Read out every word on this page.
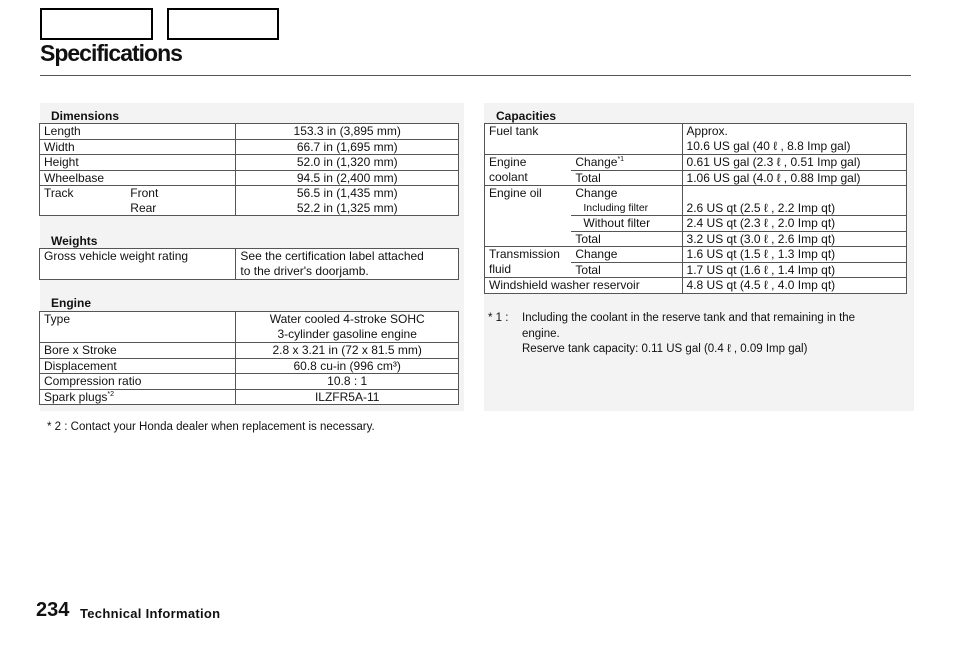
Specifications
Dimensions
Length		153.3 in (3,895 mm)
Width		66.7 in (1,695 mm)
Height		52.0 in (1,320 mm)
Wheelbase		94.5 in (2,400 mm)
Track	Front	56.5 in (1,435 mm)
	Rear	52.2 in (1,325 mm)
Weights
Gross vehicle weight rating	See the certification label attached
to the driver's doorjamb.
Engine
Type	Water cooled 4-stroke SOHC
3-cylinder gasoline engine

Bore x Stroke	2.8 x 3.21 in (72 x 81.5 mm)
Displacement	60.8 cu-in (996 cm³)
Compression ratio	10.8 : 1
Spark plugs$^{*2}$	ILZFR5A-11
* 2 : Contact your Honda dealer when replacement is necessary.
Capacities
Fuel tank		Approx.
10.6 US gal (40 ℓ , 8.8 Imp gal)

Engine	Change$^{*1}$	0.61 US gal (2.3 ℓ , 0.51 Imp gal)
coolant	Total	1.06 US gal (4.0 ℓ , 0.88 Imp gal)
Engine oil	Change	
	Including filter	2.6 US qt (2.5 ℓ , 2.2 Imp qt)
	Without filter	2.4 US qt (2.3 ℓ , 2.0 Imp qt)
	Total	3.2 US qt (3.0 ℓ , 2.6 Imp qt)
Transmission	Change	1.6 US qt (1.5 ℓ , 1.3 Imp qt)
fluid	Total	1.7 US qt (1.6 ℓ , 1.4 Imp qt)
Windshield washer reservoir		4.8 US qt (4.5 ℓ , 4.0 Imp qt)
* 1 : Including the coolant in the reserve tank and that remaining in the
engine.
Reserve tank capacity: 0.11 US gal (0.4 ℓ , 0.09 Imp gal)
234 Technical Information
